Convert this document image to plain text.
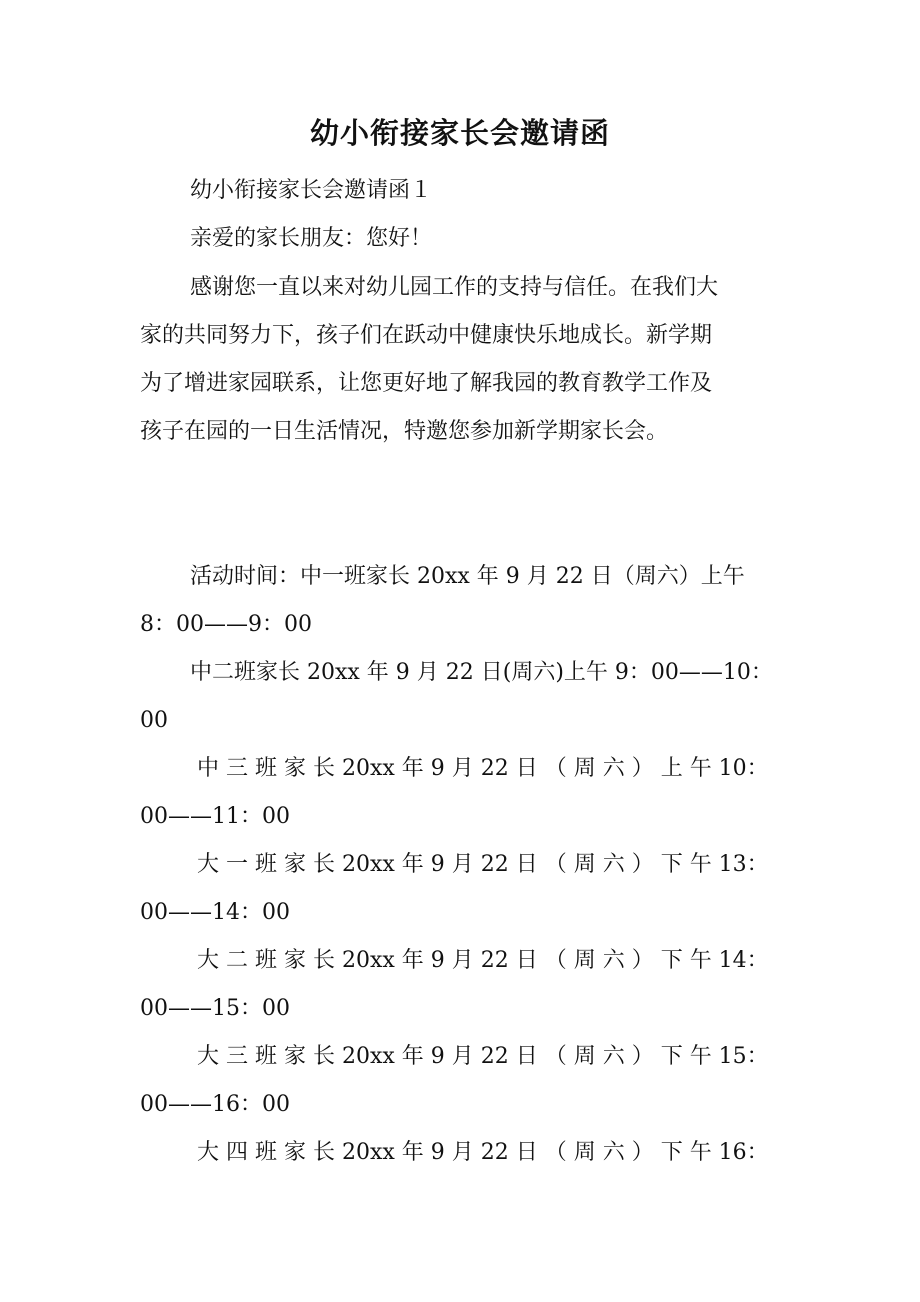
幼小衔接家长会邀请函
幼小衔接家长会邀请函１
亲爱的家长朋友：您好！
感谢您一直以来对幼儿园工作的支持与信任。在我们大
家的共同努力下，孩子们在跃动中健康快乐地成长。新学期
为了增进家园联系，让您更好地了解我园的教育教学工作及
孩子在园的一日生活情况，特邀您参加新学期家长会。
活动时间：中一班家长 20xx 年 9 月 22 日（周六）上午
8：00——9：00
中二班家长 20xx 年 9 月 22 日(周六)上午 9：00——10：
00
中 三 班 家 长 20xx 年 9 月 22 日 （ 周 六 ） 上 午 10：
00——11：00
大 一 班 家 长 20xx 年 9 月 22 日 （ 周 六 ） 下 午 13：
00——14：00
大 二 班 家 长 20xx 年 9 月 22 日 （ 周 六 ） 下 午 14：
00——15：00
大 三 班 家 长 20xx 年 9 月 22 日 （ 周 六 ） 下 午 15：
00——16：00
大 四 班 家 长 20xx 年 9 月 22 日 （ 周 六 ） 下 午 16：
